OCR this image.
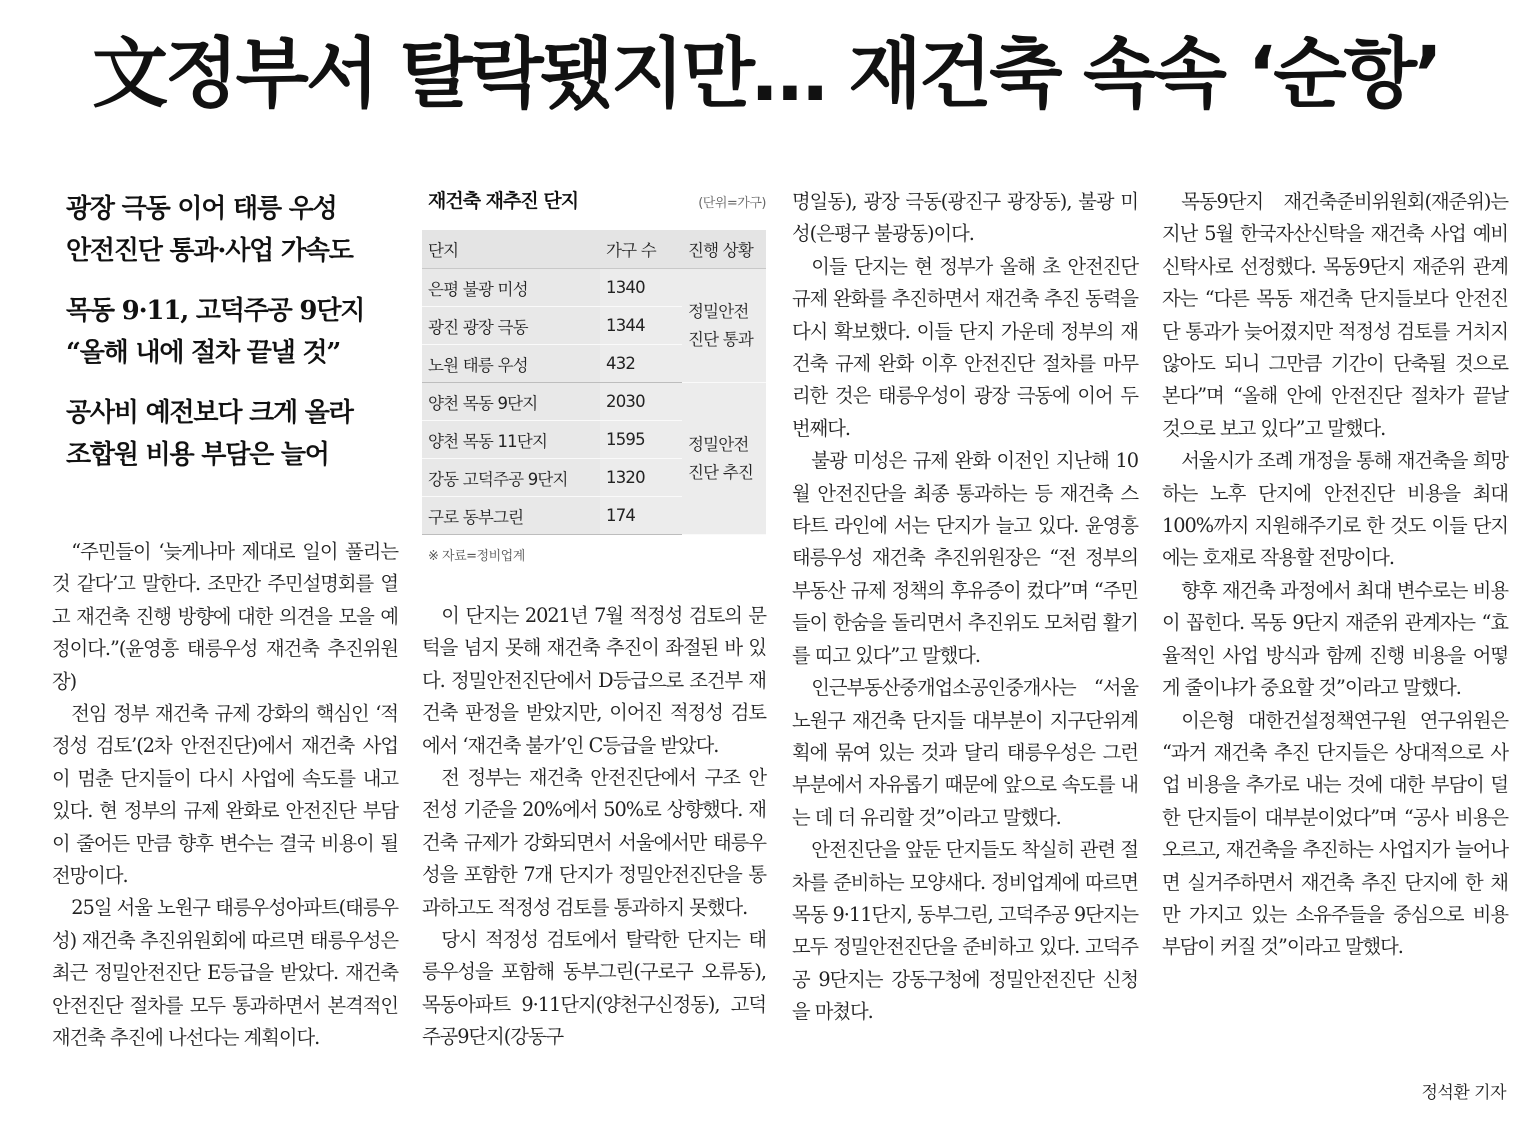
文정부서 탈락됐지만… 재건축 속속 ‘순항’
광장 극동 이어 태릉 우성
안전진단 통과·사업 가속도
목동 9·11, 고덕주공 9단지
“올해 내에 절차 끝낼 것”
공사비 예전보다 크게 올라
조합원 비용 부담은 늘어
재건축 재추진 단지	(단위=가구)
단지	가구 수	진행 상황
은평 불광 미성	1340	정밀안전 진단 통과
광진 광장 극동	1344	
노원 태릉 우성	432	
양천 목동 9단지	2030	정밀안전 진단 추진
양천 목동 11단지	1595	
강동 고덕주공 9단지	1320	
구로 동부그린	174	
※ 자료=정비업계

“주민들이 ‘늦게나마 제대로 일이 풀리는 것 같다’고 말한다. 조만간 주민설명회를 열고 재건축 진행 방향에 대한 의견을 모을 예정이다.”(윤영흥 태릉우성 재건축 추진위원장)

전임 정부 재건축 규제 강화의 핵심인 ‘적정성 검토’(2차 안전진단)에서 재건축 사업이 멈춘 단지들이 다시 사업에 속도를 내고 있다. 현 정부의 규제 완화로 안전진단 부담이 줄어든 만큼 향후 변수는 결국 비용이 될 전망이다.

25일 서울 노원구 태릉우성아파트(태릉우성) 재건축 추진위원회에 따르면 태릉우성은 최근 정밀안전진단 E등급을 받았다. 재건축 안전진단 절차를 모두 통과하면서 본격적인 재건축 추진에 나선다는 계획이다.

이 단지는 2021년 7월 적정성 검토의 문턱을 넘지 못해 재건축 추진이 좌절된 바 있다. 정밀안전진단에서 D등급으로 조건부 재건축 판정을 받았지만, 이어진 적정성 검토에서 ‘재건축 불가’인 C등급을 받았다.

전 정부는 재건축 안전진단에서 구조 안전성 기준을 20%에서 50%로 상향했다. 재건축 규제가 강화되면서 서울에서만 태릉우성을 포함한 7개 단지가 정밀안전진단을 통과하고도 적정성 검토를 통과하지 못했다.

당시 적정성 검토에서 탈락한 단지는 태릉우성을 포함해 동부그린(구로구 오류동), 목동아파트 9·11단지(양천구신정동), 고덕주공9단지(강동구

명일동), 광장 극동(광진구 광장동), 불광 미성(은평구 불광동)이다.

이들 단지는 현 정부가 올해 초 안전진단 규제 완화를 추진하면서 재건축 추진 동력을 다시 확보했다. 이들 단지 가운데 정부의 재건축 규제 완화 이후 안전진단 절차를 마무리한 것은 태릉우성이 광장 극동에 이어 두 번째다.

불광 미성은 규제 완화 이전인 지난해 10월 안전진단을 최종 통과하는 등 재건축 스타트 라인에 서는 단지가 늘고 있다. 윤영흥 태릉우성 재건축 추진위원장은 “전 정부의 부동산 규제 정책의 후유증이 컸다”며 “주민들이 한숨을 돌리면서 추진위도 모처럼 활기를 띠고 있다”고 말했다.

인근부동산중개업소공인중개사는 “서울 노원구 재건축 단지들 대부분이 지구단위계획에 묶여 있는 것과 달리 태릉우성은 그런 부분에서 자유롭기 때문에 앞으로 속도를 내는 데 더 유리할 것”이라고 말했다.

안전진단을 앞둔 단지들도 착실히 관련 절차를 준비하는 모양새다. 정비업계에 따르면 목동 9·11단지, 동부그린, 고덕주공 9단지는 모두 정밀안전진단을 준비하고 있다. 고덕주공 9단지는 강동구청에 정밀안전진단 신청을 마쳤다.

목동9단지 재건축준비위원회(재준위)는 지난 5월 한국자산신탁을 재건축 사업 예비신탁사로 선정했다. 목동9단지 재준위 관계자는 “다른 목동 재건축 단지들보다 안전진단 통과가 늦어졌지만 적정성 검토를 거치지 않아도 되니 그만큼 기간이 단축될 것으로 본다”며 “올해 안에 안전진단 절차가 끝날 것으로 보고 있다”고 말했다.

서울시가 조례 개정을 통해 재건축을 희망하는 노후 단지에 안전진단 비용을 최대 100%까지 지원해주기로 한 것도 이들 단지에는 호재로 작용할 전망이다.

향후 재건축 과정에서 최대 변수로는 비용이 꼽힌다. 목동 9단지 재준위 관계자는 “효율적인 사업 방식과 함께 진행 비용을 어떻게 줄이냐가 중요할 것”이라고 말했다.

이은형 대한건설정책연구원 연구위원은 “과거 재건축 추진 단지들은 상대적으로 사업 비용을 추가로 내는 것에 대한 부담이 덜한 단지들이 대부분이었다”며 “공사 비용은 오르고, 재건축을 추진하는 사업지가 늘어나면 실거주하면서 재건축 추진 단지에 한 채만 가지고 있는 소유주들을 중심으로 비용 부담이 커질 것”이라고 말했다.

정석환 기자
